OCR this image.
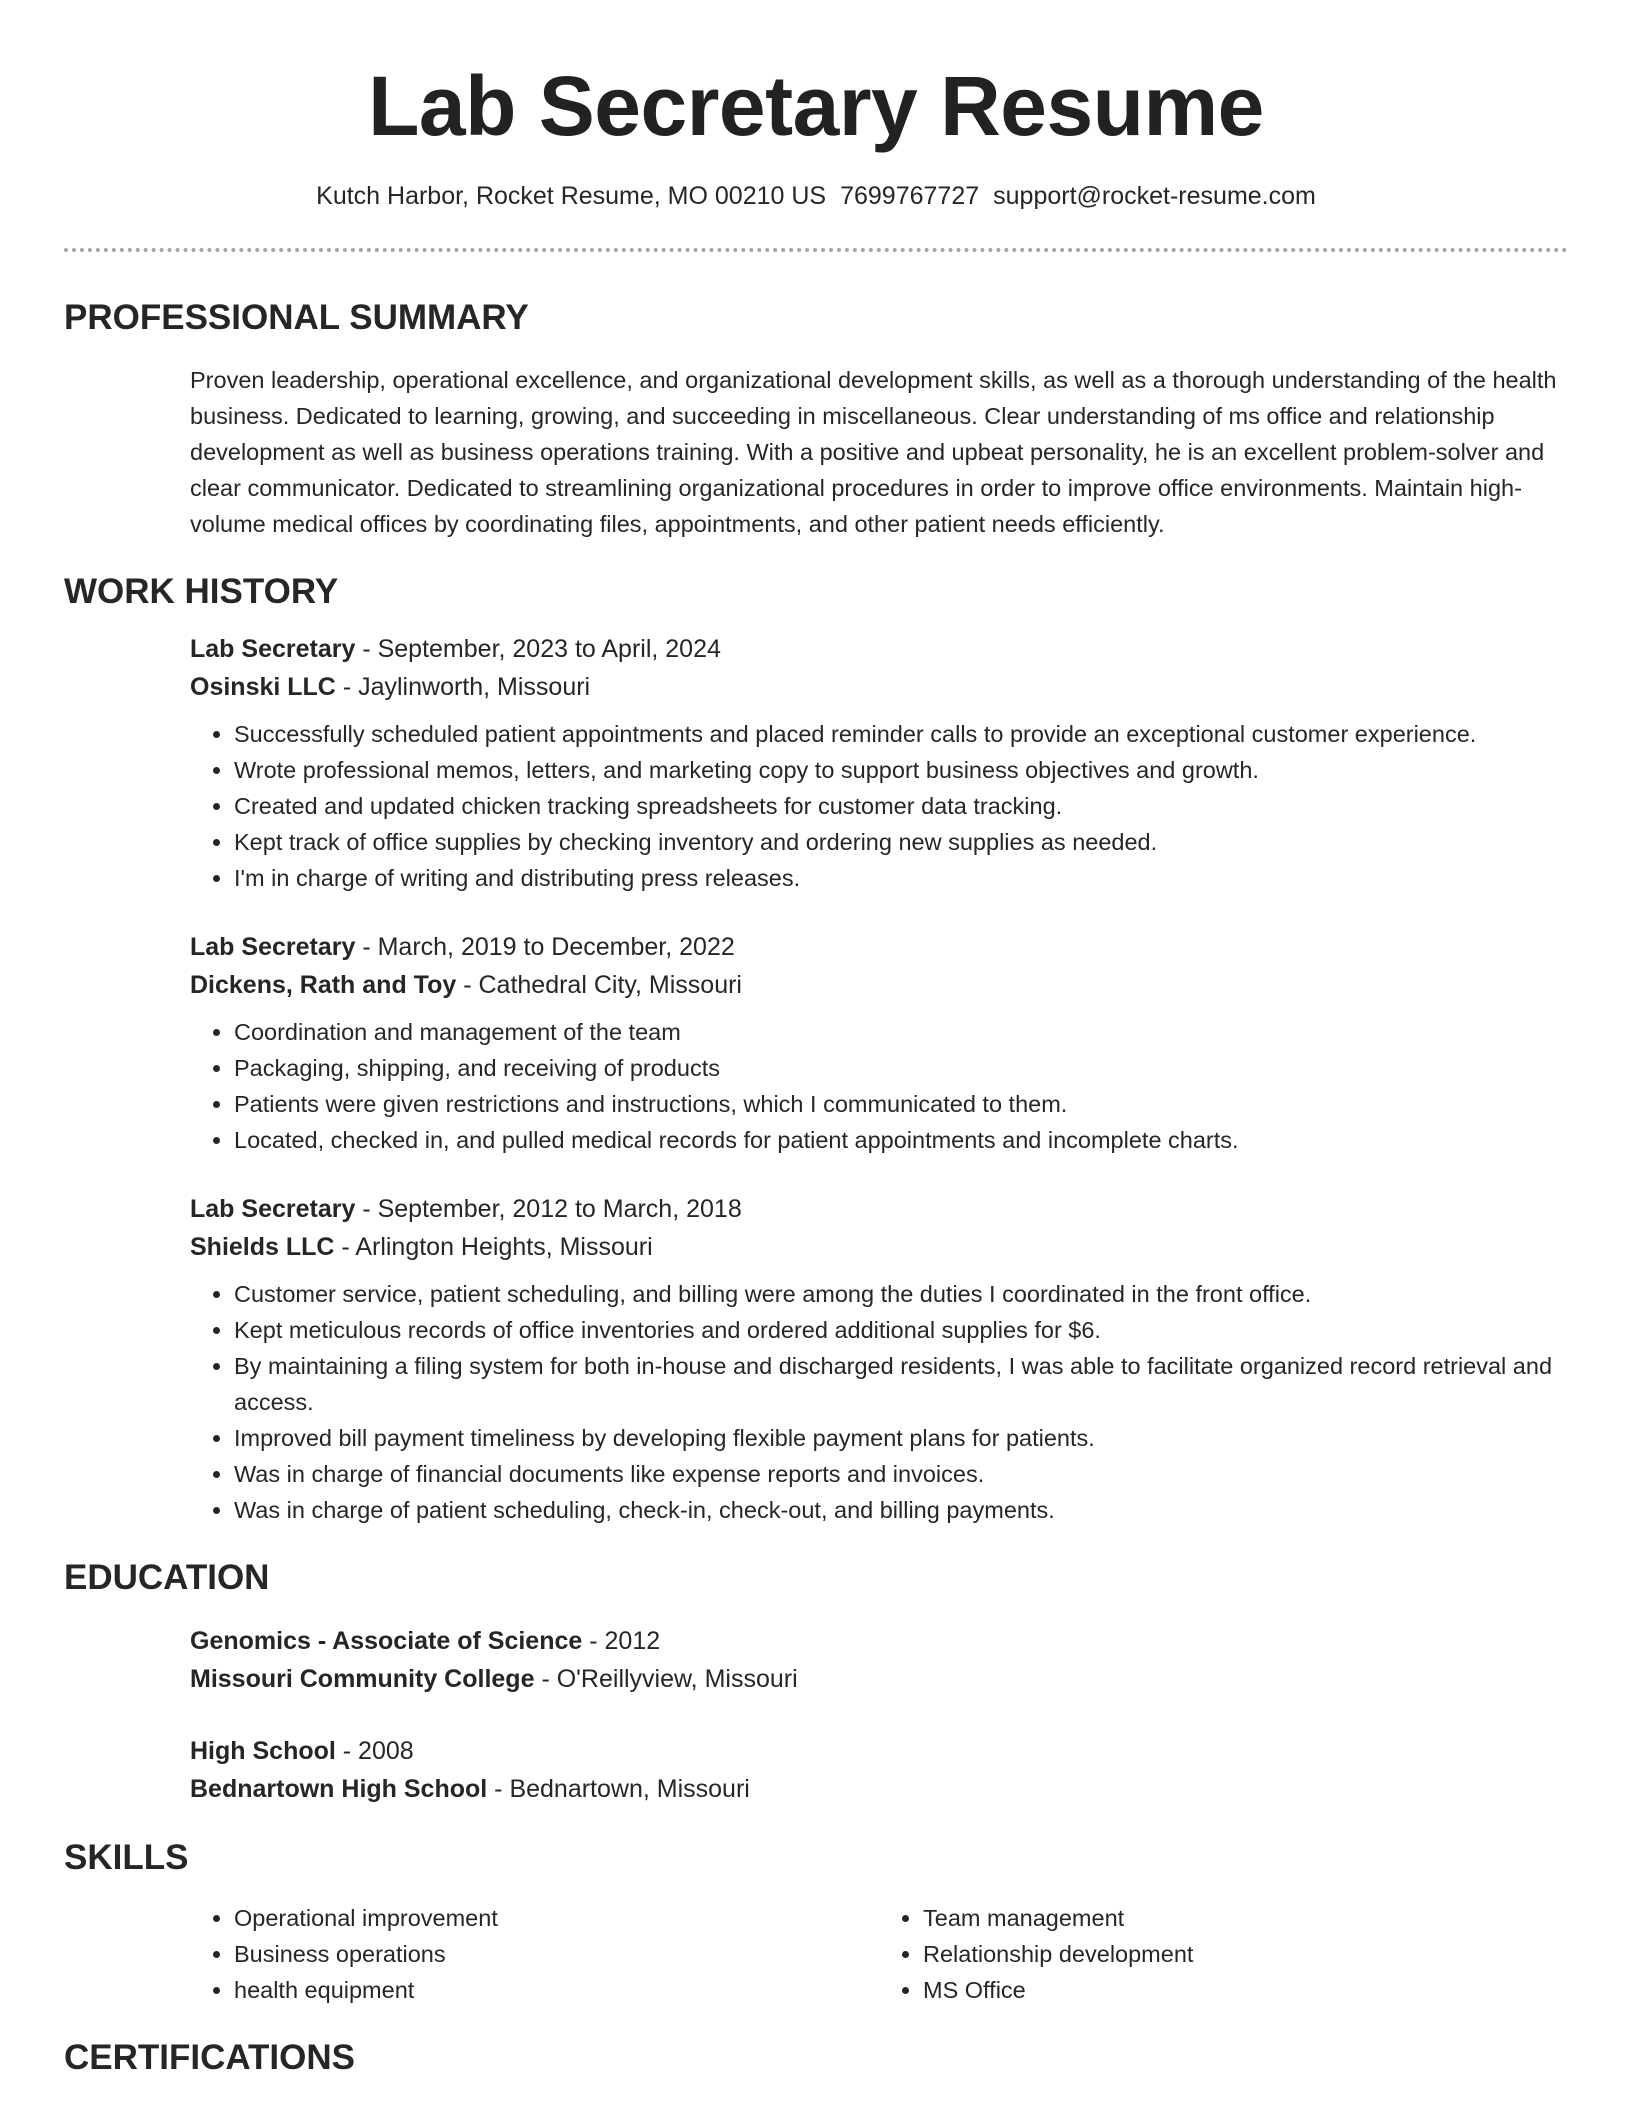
Lab Secretary Resume
Kutch Harbor, Rocket Resume, MO 00210 US 7699767727 support@rocket-resume.com
PROFESSIONAL SUMMARY
Proven leadership, operational excellence, and organizational development skills, as well as a thorough understanding of the health business. Dedicated to learning, growing, and succeeding in miscellaneous. Clear understanding of ms office and relationship development as well as business operations training. With a positive and upbeat personality, he is an excellent problem-solver and clear communicator. Dedicated to streamlining organizational procedures in order to improve office environments. Maintain high-volume medical offices by coordinating files, appointments, and other patient needs efficiently.
WORK HISTORY
Lab Secretary - September, 2023 to April, 2024
Osinski LLC - Jaylinworth, Missouri
• Successfully scheduled patient appointments and placed reminder calls to provide an exceptional customer experience.
• Wrote professional memos, letters, and marketing copy to support business objectives and growth.
• Created and updated chicken tracking spreadsheets for customer data tracking.
• Kept track of office supplies by checking inventory and ordering new supplies as needed.
• I'm in charge of writing and distributing press releases.
Lab Secretary - March, 2019 to December, 2022
Dickens, Rath and Toy - Cathedral City, Missouri
• Coordination and management of the team
• Packaging, shipping, and receiving of products
• Patients were given restrictions and instructions, which I communicated to them.
• Located, checked in, and pulled medical records for patient appointments and incomplete charts.
Lab Secretary - September, 2012 to March, 2018
Shields LLC - Arlington Heights, Missouri
• Customer service, patient scheduling, and billing were among the duties I coordinated in the front office.
• Kept meticulous records of office inventories and ordered additional supplies for $6.
• By maintaining a filing system for both in-house and discharged residents, I was able to facilitate organized record retrieval and access.
• Improved bill payment timeliness by developing flexible payment plans for patients.
• Was in charge of financial documents like expense reports and invoices.
• Was in charge of patient scheduling, check-in, check-out, and billing payments.
EDUCATION
Genomics - Associate of Science - 2012
Missouri Community College - O'Reillyview, Missouri
High School - 2008
Bednartown High School - Bednartown, Missouri
SKILLS
• Operational improvement
• Business operations
• health equipment
• Team management
• Relationship development
• MS Office
CERTIFICATIONS
